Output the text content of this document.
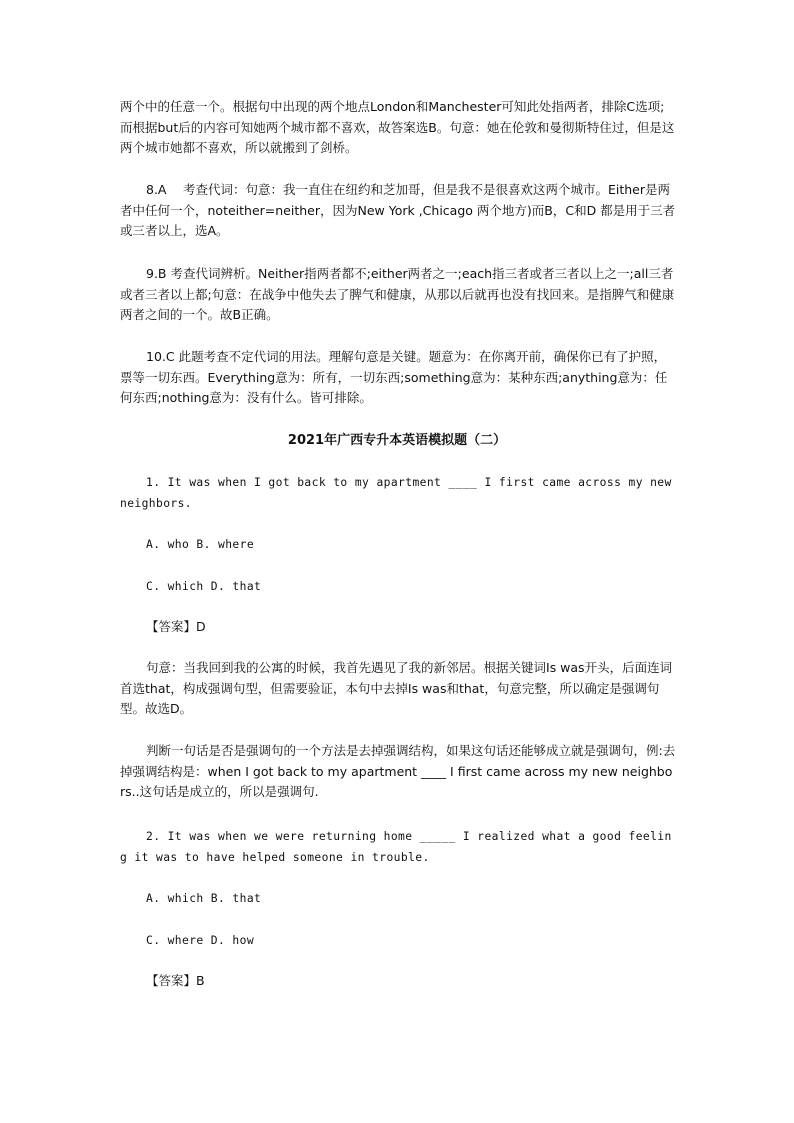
两个中的任意一个。根据句中出现的两个地点London和Manchester可知此处指两者，排除C选项;而根据but后的内容可知她两个城市都不喜欢，故答案选B。句意：她在伦敦和曼彻斯特住过，但是这两个城市她都不喜欢，所以就搬到了剑桥。

8.A 　考查代词：句意：我一直住在纽约和芝加哥，但是我不是很喜欢这两个城市。Either是两者中任何一个，noteither=neither，因为New York ,Chicago 两个地方)而B，C和D 都是用于三者或三者以上，选A。

9.B 考查代词辨析。Neither指两者都不;either两者之一;each指三者或者三者以上之一;all三者或者三者以上都;句意：在战争中他失去了脾气和健康，从那以后就再也没有找回来。是指脾气和健康两者之间的一个。故B正确。

10.C 此题考查不定代词的用法。理解句意是关键。题意为：在你离开前，确保你已有了护照，票等一切东西。Everything意为：所有，一切东西;something意为：某种东西;anything意为：任何东西;nothing意为：没有什么。皆可排除。

2021年广西专升本英语模拟题（二）

1. It was when I got back to my apartment ____ I first came across my new neighbors.

A. who B. where

C. which D. that

【答案】D

句意：当我回到我的公寓的时候，我首先遇见了我的新邻居。根据关键词Is was开头，后面连词首选that，构成强调句型，但需要验证，本句中去掉Is was和that，句意完整，所以确定是强调句型。故选D。

判断一句话是否是强调句的一个方法是去掉强调结构，如果这句话还能够成立就是强调句，例:去掉强调结构是：when I got back to my apartment ____ I first came across my new neighbors..这句话是成立的，所以是强调句.

2. It was when we were returning home _____ I realized what a good feeling it was to have helped someone in trouble.

A. which B. that

C. where D. how

【答案】B
